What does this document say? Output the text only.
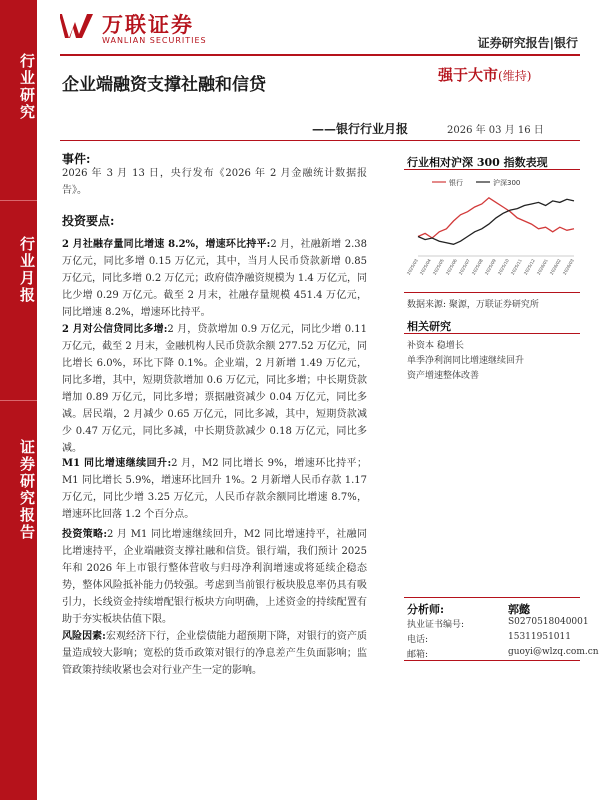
行业研究
行业月报
证券研究报告
万联证券
WANLIAN SECURITIES	证券研究报告|银行
企业端融资支撑社融和信贷	强于大市(维持)
——银行行业月报	2026 年 03 月 16 日
事件:
2026 年 3 月 13 日，央行发布《2026 年 2 月金融统计数据报告》。
投资要点:
2 月社融存量同比增速 8.2%，增速环比持平:2 月，社融新增 2.38 万亿元，同比多增 0.15 万亿元，其中，当月人民币贷款新增 0.85 万亿元，同比多增 0.2 万亿元；政府债净融资规模为 1.4 万亿元，同比少增 0.29 万亿元。截至 2 月末，社融存量规模 451.4 万亿元，同比增速 8.2%，增速环比持平。
2 月对公信贷同比多增:2 月，贷款增加 0.9 万亿元，同比少增 0.11 万亿元，截至 2 月末，金融机构人民币贷款余额 277.52 万亿元，同比增长 6.0%，环比下降 0.1%。企业端，2 月新增 1.49 万亿元，同比多增，其中，短期贷款增加 0.6 万亿元，同比多增；中长期贷款增加 0.89 万亿元，同比多增；票据融资减少 0.04 万亿元，同比多减。居民端，2 月减少 0.65 万亿元，同比多减，其中，短期贷款减少 0.47 万亿元，同比多减，中长期贷款减少 0.18 万亿元，同比多减。
M1 同比增速继续回升:2 月，M2 同比增长 9%，增速环比持平；M1 同比增长 5.9%，增速环比回升 1%。2 月新增人民币存款 1.17 万亿元，同比少增 3.25 万亿元，人民币存款余额同比增速 8.7%，增速环比回落 1.2 个百分点。
投资策略:2 月 M1 同比增速继续回升，M2 同比增速持平，社融同比增速持平，企业端融资支撑社融和信贷。银行端，我们预计 2025 年和 2026 年上市银行整体营收与归母净利润增速或将延续企稳态势，整体风险抵补能力仍较强。考虑到当前银行板块股息率仍具有吸引力，长线资金持续增配银行板块方向明确，上述资金的持续配置有助于夯实板块估值下限。
风险因素:宏观经济下行，企业偿债能力超预期下降，对银行的资产质量造成较大影响；宽松的货币政策对银行的净息差产生负面影响；监管政策持续收紧也会对行业产生一定的影响。
行业相对沪深 300 指数表现
银行	沪深300
2025/03 2025/04 2025/05 2025/06 2025/07 2025/08 2025/09 2025/10 2025/11 2025/12 2026/01 2026/02 2026/03
数据来源: 聚源，万联证券研究所
相关研究
补资本 稳增长
单季净利润同比增速继续回升
资产增速整体改善
分析师:	郭懿
执业证书编号:	S0270518040001
电话:	15311951011
邮箱:	guoyi@wlzq.com.cn
